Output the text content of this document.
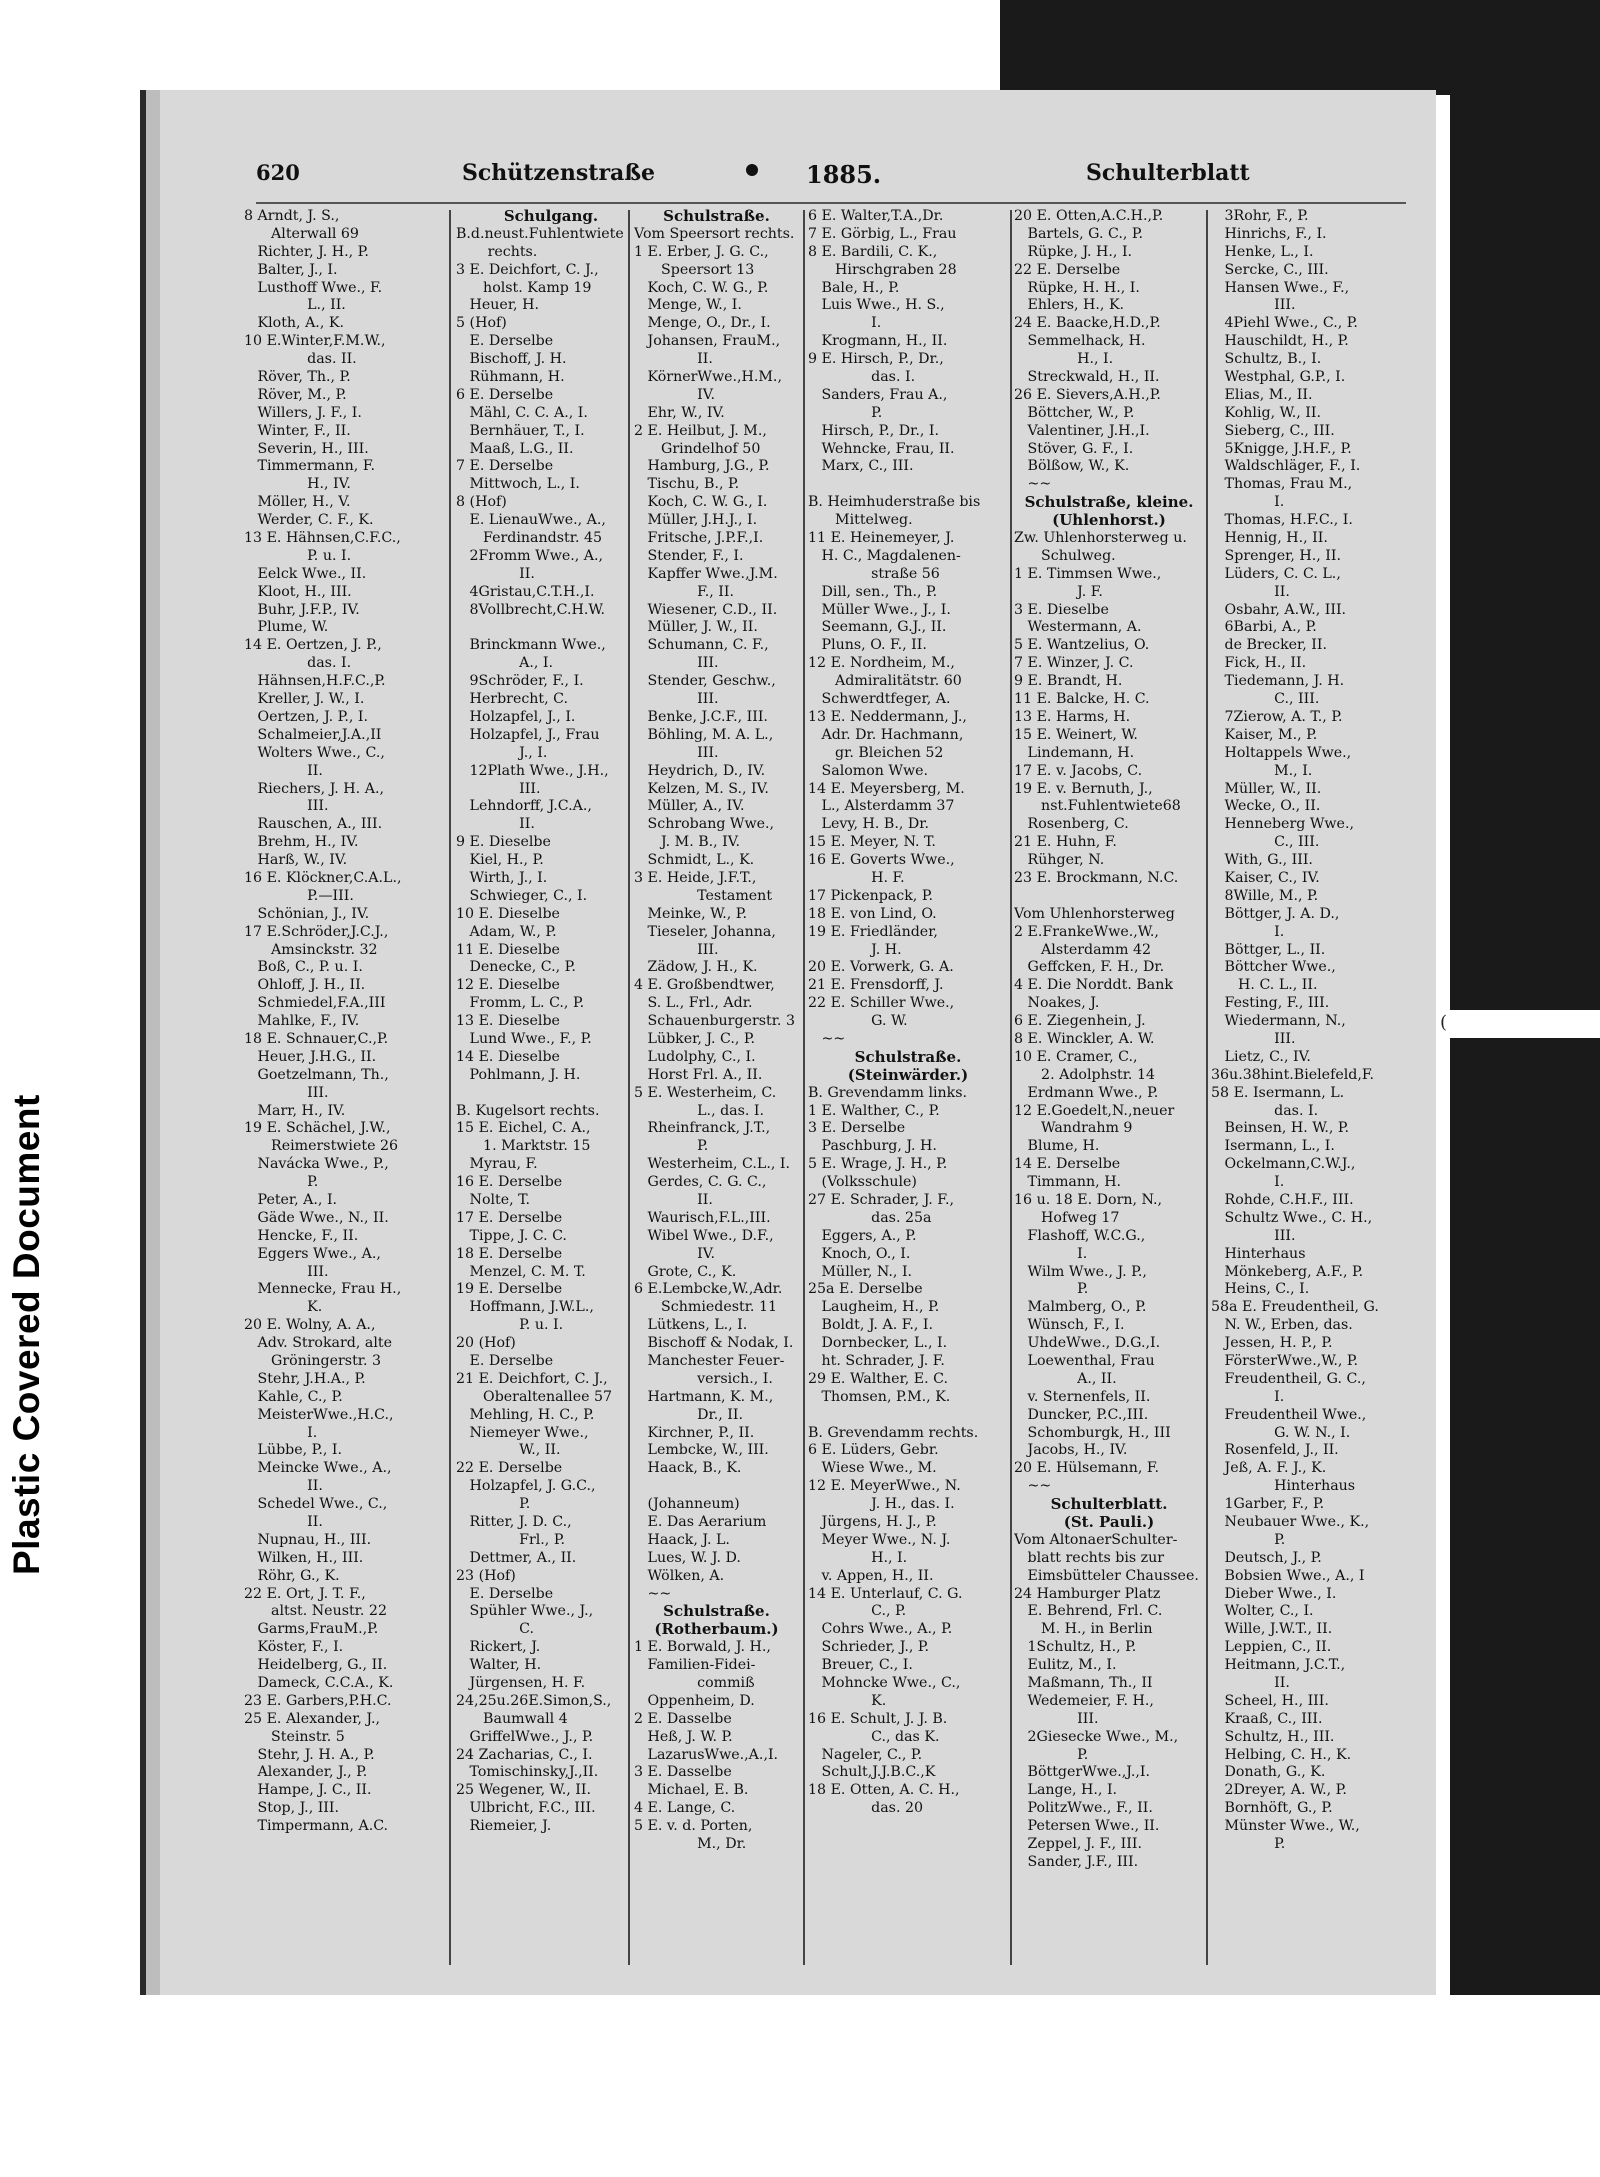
Plastic Covered Document
(
620	Schützenstraße	1885.	Schulterblatt
8 Arndt, J. S.,
Alterwall 69
Richter, J. H., P.
Balter, J., I.
Lusthoff Wwe., F.
L., II.
Kloth, A., K.
10 E.Winter,F.M.W.,
das. II.
Röver, Th., P.
Röver, M., P.
Willers, J. F., I.
Winter, F., II.
Severin, H., III.
Timmermann, F.
H., IV.
Möller, H., V.
Werder, C. F., K.
13 E. Hähnsen,C.F.C.,
P. u. I.
Eelck Wwe., II.
Kloot, H., III.
Buhr, J.F.P., IV.
Plume, W.
14 E. Oertzen, J. P.,
das. I.
Hähnsen,H.F.C.,P.
Kreller, J. W., I.
Oertzen, J. P., I.
Schalmeier,J.A.,II
Wolters Wwe., C.,
II.
Riechers, J. H. A.,
III.
Rauschen, A., III.
Brehm, H., IV.
Harß, W., IV.
16 E. Klöckner,C.A.L.,
P.—III.
Schönian, J., IV.
17 E.Schröder,J.C.J.,
Amsinckstr. 32
Boß, C., P. u. I.
Ohloff, J. H., II.
Schmiedel,F.A.,III
Mahlke, F., IV.
18 E. Schnauer,C.,P.
Heuer, J.H.G., II.
Goetzelmann, Th.,
III.
Marr, H., IV.
19 E. Schächel, J.W.,
Reimerstwiete 26
Navácka Wwe., P.,
P.
Peter, A., I.
Gäde Wwe., N., II.
Hencke, F., II.
Eggers Wwe., A.,
III.
Mennecke, Frau H.,
K.
20 E. Wolny, A. A.,
Adv. Strokard, alte
Gröningerstr. 3
Stehr, J.H.A., P.
Kahle, C., P.
MeisterWwe.,H.C.,
I.
Lübbe, P., I.
Meincke Wwe., A.,
II.
Schedel Wwe., C.,
II.
Nupnau, H., III.
Wilken, H., III.
Röhr, G., K.
22 E. Ort, J. T. F.,
altst. Neustr. 22
Garms,FrauM.,P.
Köster, F., I.
Heidelberg, G., II.
Dameck, C.C.A., K.
23 E. Garbers,P.H.C.
25 E. Alexander, J.,
Steinstr. 5
Stehr, J. H. A., P.
Alexander, J., P.
Hampe, J. C., II.
Stop, J., III.
Timpermann, A.C.
Schulgang.
B.d.neust.Fuhlentwiete
rechts.
3 E. Deichfort, C. J.,
holst. Kamp 19
Heuer, H.
5 (Hof)
E. Derselbe
Bischoff, J. H.
Rühmann, H.
6 E. Derselbe
Mähl, C. C. A., I.
Bernhäuer, T., I.
Maaß, L.G., II.
7 E. Derselbe
Mittwoch, L., I.
8 (Hof)
E. LienauWwe., A.,
Ferdinandstr. 45
2Fromm Wwe., A.,
II.
4Gristau,C.T.H.,I.
8Vollbrecht,C.H.W.
Brinckmann Wwe.,
A., I.
9Schröder, F., I.
Herbrecht, C.
Holzapfel, J., I.
Holzapfel, J., Frau
J., I.
12Plath Wwe., J.H.,
III.
Lehndorff, J.C.A.,
II.
9 E. Dieselbe
Kiel, H., P.
Wirth, J., I.
Schwieger, C., I.
10 E. Dieselbe
Adam, W., P.
11 E. Dieselbe
Denecke, C., P.
12 E. Dieselbe
Fromm, L. C., P.
13 E. Dieselbe
Lund Wwe., F., P.
14 E. Dieselbe
Pohlmann, J. H.
B. Kugelsort rechts.
15 E. Eichel, C. A.,
1. Marktstr. 15
Myrau, F.
16 E. Derselbe
Nolte, T.
17 E. Derselbe
Tippe, J. C. C.
18 E. Derselbe
Menzel, C. M. T.
19 E. Derselbe
Hoffmann, J.W.L.,
P. u. I.
20 (Hof)
E. Derselbe
21 E. Deichfort, C. J.,
Oberaltenallee 57
Mehling, H. C., P.
Niemeyer Wwe.,
W., II.
22 E. Derselbe
Holzapfel, J. G.C.,
P.
Ritter, J. D. C.,
Frl., P.
Dettmer, A., II.
23 (Hof)
E. Derselbe
Spühler Wwe., J.,
C.
Rickert, J.
Walter, H.
Jürgensen, H. F.
24,25u.26E.Simon,S.,
Baumwall 4
GriffelWwe., J., P.
24 Zacharias, C., I.
Tomischinsky,J.,II.
25 Wegener, W., II.
Ulbricht, F.C., III.
Riemeier, J.
Schulstraße.
Vom Speersort rechts.
1 E. Erber, J. G. C.,
Speersort 13
Koch, C. W. G., P.
Menge, W., I.
Menge, O., Dr., I.
Johansen, FrauM.,
II.
KörnerWwe.,H.M.,
IV.
Ehr, W., IV.
2 E. Heilbut, J. M.,
Grindelhof 50
Hamburg, J.G., P.
Tischu, B., P.
Koch, C. W. G., I.
Müller, J.H.J., I.
Fritsche, J.P.F.,I.
Stender, F., I.
Kapffer Wwe.,J.M.
F., II.
Wiesener, C.D., II.
Müller, J. W., II.
Schumann, C. F.,
III.
Stender, Geschw.,
III.
Benke, J.C.F., III.
Böhling, M. A. L.,
III.
Heydrich, D., IV.
Kelzen, M. S., IV.
Müller, A., IV.
Schrobang Wwe.,
J. M. B., IV.
Schmidt, L., K.
3 E. Heide, J.F.T.,
Testament
Meinke, W., P.
Tieseler, Johanna,
III.
Zädow, J. H., K.
4 E. Großbendtwer,
S. L., Frl., Adr.
Schauenburgerstr. 3
Lübker, J. C., P.
Ludolphy, C., I.
Horst Frl. A., II.
5 E. Westerheim, C.
L., das. I.
Rheinfranck, J.T.,
P.
Westerheim, C.L., I.
Gerdes, C. G. C.,
II.
Waurisch,F.L.,III.
Wibel Wwe., D.F.,
IV.
Grote, C., K.
6 E.Lembcke,W.,Adr.
Schmiedestr. 11
Lütkens, L., I.
Bischoff & Nodak, I.
Manchester Feuer-
versich., I.
Hartmann, K. M.,
Dr., II.
Kirchner, P., II.
Lembcke, W., III.
Haack, B., K.
(Johanneum)
E. Das Aerarium
Haack, J. L.
Lues, W. J. D.
Wölken, A.
~~
Schulstraße.
(Rotherbaum.)
1 E. Borwald, J. H.,
Familien-Fidei-
commiß
Oppenheim, D.
2 E. Dasselbe
Heß, J. W. P.
LazarusWwe.,A.,I.
3 E. Dasselbe
Michael, E. B.
4 E. Lange, C.
5 E. v. d. Porten,
M., Dr.
6 E. Walter,T.A.,Dr.
7 E. Görbig, L., Frau
8 E. Bardili, C. K.,
Hirschgraben 28
Bale, H., P.
Luis Wwe., H. S.,
I.
Krogmann, H., II.
9 E. Hirsch, P., Dr.,
das. I.
Sanders, Frau A.,
P.
Hirsch, P., Dr., I.
Wehncke, Frau, II.
Marx, C., III.
B. Heimhuderstraße bis
Mittelweg.
11 E. Heinemeyer, J.
H. C., Magdalenen-
straße 56
Dill, sen., Th., P.
Müller Wwe., J., I.
Seemann, G.J., II.
Pluns, O. F., II.
12 E. Nordheim, M.,
Admiralitätstr. 60
Schwerdtfeger, A.
13 E. Neddermann, J.,
Adr. Dr. Hachmann,
gr. Bleichen 52
Salomon Wwe.
14 E. Meyersberg, M.
L., Alsterdamm 37
Levy, H. B., Dr.
15 E. Meyer, N. T.
16 E. Goverts Wwe.,
H. F.
17 Pickenpack, P.
18 E. von Lind, O.
19 E. Friedländer,
J. H.
20 E. Vorwerk, G. A.
21 E. Frensdorff, J.
22 E. Schiller Wwe.,
G. W.
~~
Schulstraße.
(Steinwärder.)
B. Grevendamm links.
1 E. Walther, C., P.
3 E. Derselbe
Paschburg, J. H.
5 E. Wrage, J. H., P.
(Volksschule)
27 E. Schrader, J. F.,
das. 25a
Eggers, A., P.
Knoch, O., I.
Müller, N., I.
25a E. Derselbe
Laugheim, H., P.
Boldt, J. A. F., I.
Dornbecker, L., I.
ht. Schrader, J. F.
29 E. Walther, E. C.
Thomsen, P.M., K.
B. Grevendamm rechts.
6 E. Lüders, Gebr.
Wiese Wwe., M.
12 E. MeyerWwe., N.
J. H., das. I.
Jürgens, H. J., P.
Meyer Wwe., N. J.
H., I.
v. Appen, H., II.
14 E. Unterlauf, C. G.
C., P.
Cohrs Wwe., A., P.
Schrieder, J., P.
Breuer, C., I.
Mohncke Wwe., C.,
K.
16 E. Schult, J. J. B.
C., das K.
Nageler, C., P.
Schult,J.J.B.C.,K
18 E. Otten, A. C. H.,
das. 20
20 E. Otten,A.C.H.,P.
Bartels, G. C., P.
Rüpke, J. H., I.
22 E. Derselbe
Rüpke, H. H., I.
Ehlers, H., K.
24 E. Baacke,H.D.,P.
Semmelhack, H.
H., I.
Streckwald, H., II.
26 E. Sievers,A.H.,P.
Böttcher, W., P.
Valentiner, J.H.,I.
Stöver, G. F., I.
Bölßow, W., K.
~~
Schulstraße, kleine.
(Uhlenhorst.)
Zw. Uhlenhorsterweg u.
Schulweg.
1 E. Timmsen Wwe.,
J. F.
3 E. Dieselbe
Westermann, A.
5 E. Wantzelius, O.
7 E. Winzer, J. C.
9 E. Brandt, H.
11 E. Balcke, H. C.
13 E. Harms, H.
15 E. Weinert, W.
Lindemann, H.
17 E. v. Jacobs, C.
19 E. v. Bernuth, J.,
nst.Fuhlentwiete68
Rosenberg, C.
21 E. Huhn, F.
Rühger, N.
23 E. Brockmann, N.C.
Vom Uhlenhorsterweg
2 E.FrankeWwe.,W.,
Alsterdamm 42
Geffcken, F. H., Dr.
4 E. Die Norddt. Bank
Noakes, J.
6 E. Ziegenhein, J.
8 E. Winckler, A. W.
10 E. Cramer, C.,
2. Adolphstr. 14
Erdmann Wwe., P.
12 E.Goedelt,N.,neuer
Wandrahm 9
Blume, H.
14 E. Derselbe
Timmann, H.
16 u. 18 E. Dorn, N.,
Hofweg 17
Flashoff, W.C.G.,
I.
Wilm Wwe., J. P.,
P.
Malmberg, O., P.
Wünsch, F., I.
UhdeWwe., D.G.,I.
Loewenthal, Frau
A., II.
v. Sternenfels, II.
Duncker, P.C.,III.
Schomburgk, H., III
Jacobs, H., IV.
20 E. Hülsemann, F.
~~
Schulterblatt.
(St. Pauli.)
Vom AltonaerSchulter-
blatt rechts bis zur
Eimsbütteler Chaussee.
24 Hamburger Platz
E. Behrend, Frl. C.
M. H., in Berlin
1Schultz, H., P.
Eulitz, M., I.
Maßmann, Th., II
Wedemeier, F. H.,
III.
2Giesecke Wwe., M.,
P.
BöttgerWwe.,J.,I.
Lange, H., I.
PolitzWwe., F., II.
Petersen Wwe., II.
Zeppel, J. F., III.
Sander, J.F., III.
3Rohr, F., P.
Hinrichs, F., I.
Henke, L., I.
Sercke, C., III.
Hansen Wwe., F.,
III.
4Piehl Wwe., C., P.
Hauschildt, H., P.
Schultz, B., I.
Westphal, G.P., I.
Elias, M., II.
Kohlig, W., II.
Sieberg, C., III.
5Knigge, J.H.F., P.
Waldschläger, F., I.
Thomas, Frau M.,
I.
Thomas, H.F.C., I.
Hennig, H., II.
Sprenger, H., II.
Lüders, C. C. L.,
II.
Osbahr, A.W., III.
6Barbi, A., P.
de Brecker, II.
Fick, H., II.
Tiedemann, J. H.
C., III.
7Zierow, A. T., P.
Kaiser, M., P.
Holtappels Wwe.,
M., I.
Müller, W., II.
Wecke, O., II.
Henneberg Wwe.,
C., III.
With, G., III.
Kaiser, C., IV.
8Wille, M., P.
Böttger, J. A. D.,
I.
Böttger, L., II.
Böttcher Wwe.,
H. C. L., II.
Festing, F., III.
Wiedermann, N.,
III.
Lietz, C., IV.
36u.38hint.Bielefeld,F.
58 E. Isermann, L.
das. I.
Beinsen, H. W., P.
Isermann, L., I.
Ockelmann,C.W.J.,
I.
Rohde, C.H.F., III.
Schultz Wwe., C. H.,
III.
Hinterhaus
Mönkeberg, A.F., P.
Heins, C., I.
58a E. Freudentheil, G.
N. W., Erben, das.
Jessen, H. P., P.
FörsterWwe.,W., P.
Freudentheil, G. C.,
I.
Freudentheil Wwe.,
G. W. N., I.
Rosenfeld, J., II.
Jeß, A. F. J., K.
Hinterhaus
1Garber, F., P.
Neubauer Wwe., K.,
P.
Deutsch, J., P.
Bobsien Wwe., A., I
Dieber Wwe., I.
Wolter, C., I.
Wille, J.W.T., II.
Leppien, C., II.
Heitmann, J.C.T.,
II.
Scheel, H., III.
Kraaß, C., III.
Schultz, H., III.
Helbing, C. H., K.
Donath, G., K.
2Dreyer, A. W., P.
Bornhöft, G., P.
Münster Wwe., W.,
P.
